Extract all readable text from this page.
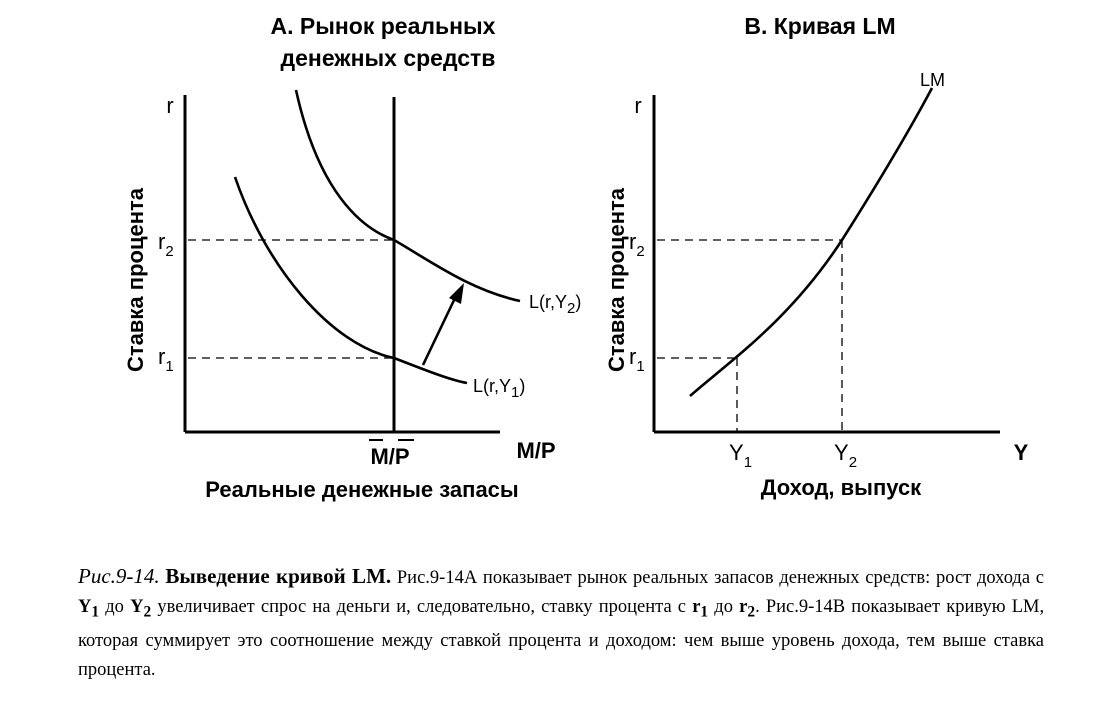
А. Рынок реальных
денежных средств
r
Ставка процента
M/P
Реальные денежные запасы
M/P
$r_2$
$r_1$
$L(r,Y_1)$
$L(r,Y_2)$
В. Кривая LM
r
Ставка процента
Y
Доход, выпуск
$r_2$
$r_1$
$Y_1$	$Y_2$
LM
Рис.9-14. Выведение кривой LM. Рис.9-14А показывает рынок реальных запасов денежных средств: рост дохода с $Y_1$ до $Y_2$ увеличивает спрос на деньги и, следовательно, ставку процента с $r_1$ до $r_2$. Рис.9-14В показывает кривую LM, которая суммирует это соотношение между ставкой процента и доходом: чем выше уровень дохода, тем выше ставка процента.
